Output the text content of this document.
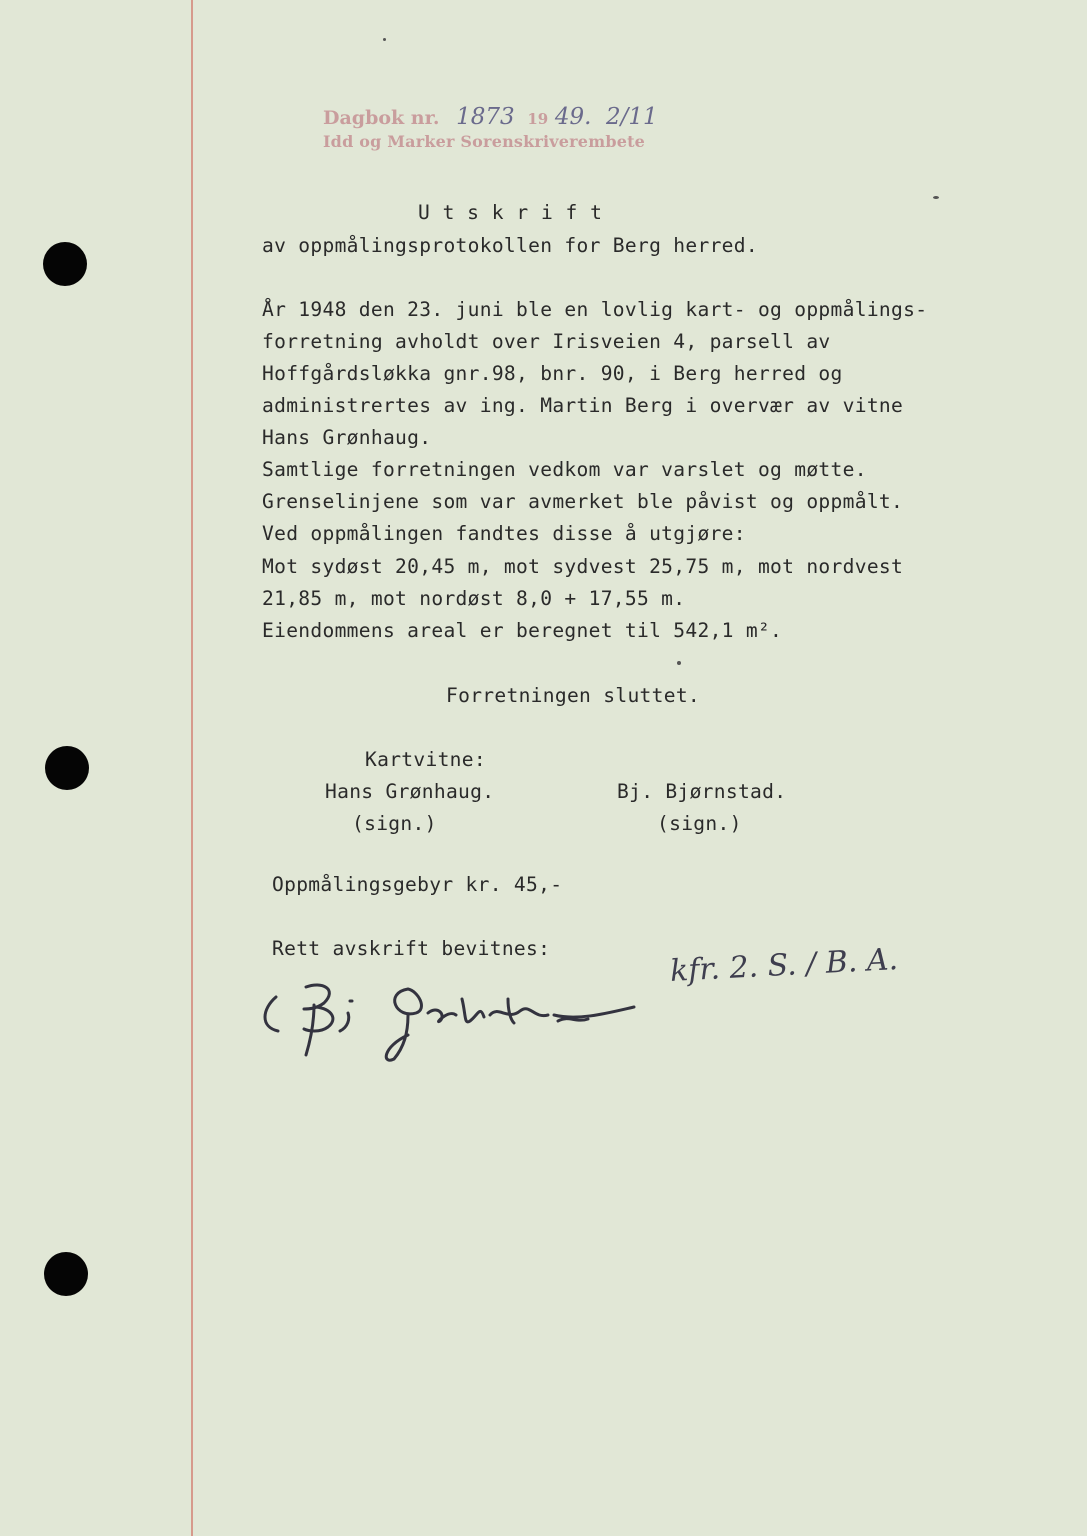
Dagbok nr. 1873 19 49. 2/11
Idd og Marker Sorenskriverembete
U t s k r i f t
av oppmålingsprotokollen for Berg herred.
År 1948 den 23. juni ble en lovlig kart- og oppmålings-
forretning avholdt over Irisveien 4, parsell av
Hoffgårdsløkka gnr.98, bnr. 90, i Berg herred og
administrertes av ing. Martin Berg i overvær av vitne
Hans Grønhaug.
Samtlige forretningen vedkom var varslet og møtte.
Grenselinjene som var avmerket ble påvist og oppmålt.
Ved oppmålingen fandtes disse å utgjøre:
Mot sydøst 20,45 m, mot sydvest 25,75 m, mot nordvest
21,85 m, mot nordøst 8,0 + 17,55 m.
Eiendommens areal er beregnet til 542,1 m².
Forretningen sluttet.
Kartvitne:
Hans Grønhaug.
(sign.)
Bj. Bjørnstad.
(sign.)
Oppmålingsgebyr kr. 45,-
Rett avskrift bevitnes:
Bj. Bjørnstad	kfr. 2. S. / B. A.
